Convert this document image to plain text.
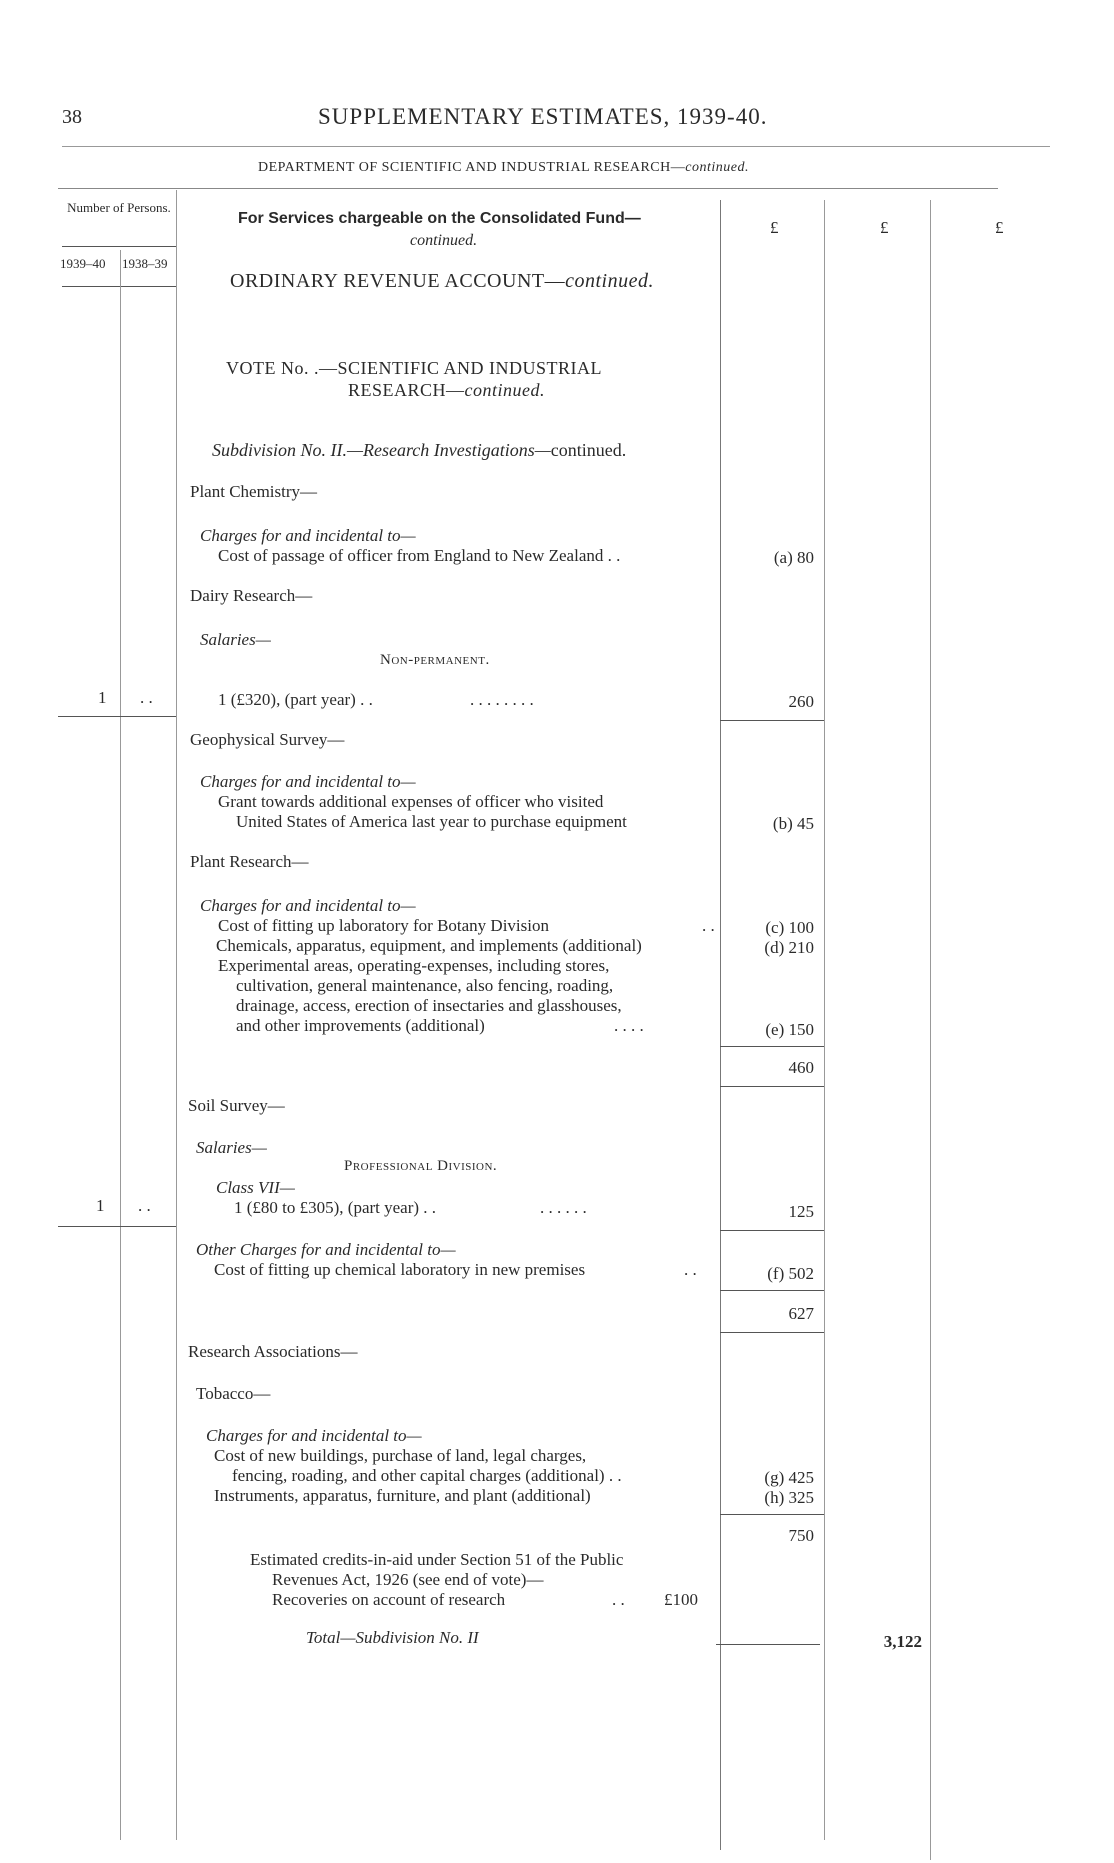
38	SUPPLEMENTARY ESTIMATES, 1939-40.
DEPARTMENT OF SCIENTIFIC AND INDUSTRIAL RESEARCH—continued.
Number of Persons.
1939–40 1938–39
£	£	£
For Services chargeable on the Consolidated Fund—
continued.
ORDINARY REVENUE ACCOUNT—continued.
VOTE No. .—SCIENTIFIC AND INDUSTRIAL
RESEARCH—continued.
Subdivision No. II.—Research Investigations—continued.
Plant Chemistry—
Charges for and incidental to—
Cost of passage of officer from England to New Zealand . .	(a) 80
Dairy Research—
Salaries—
Non-permanent.
1 . .	1 (£320), (part year) . .	. . . . . . . .	260
Geophysical Survey—
Charges for and incidental to—
Grant towards additional expenses of officer who visited
United States of America last year to purchase equipment	(b) 45
Plant Research—
Charges for and incidental to—
Cost of fitting up laboratory for Botany Division	. .	(c) 100
Chemicals, apparatus, equipment, and implements (additional)	(d) 210
Experimental areas, operating-expenses, including stores,
cultivation, general maintenance, also fencing, roading,
drainage, access, erection of insectaries and glasshouses,
and other improvements (additional)	. . . .	(e) 150
460
Soil Survey—
Salaries—
Professional Division.
Class VII—
1 . .	1 (£80 to £305), (part year) . .	. . . . . .	125
Other Charges for and incidental to—
Cost of fitting up chemical laboratory in new premises	. .	(f) 502
627
Research Associations—
Tobacco—
Charges for and incidental to—
Cost of new buildings, purchase of land, legal charges,
fencing, roading, and other capital charges (additional) . .	(g) 425
Instruments, apparatus, furniture, and plant (additional)	(h) 325
750
Estimated credits-in-aid under Section 51 of the Public
Revenues Act, 1926 (see end of vote)—
Recoveries on account of research	. . £100
Total—Subdivision No. II	3,122
